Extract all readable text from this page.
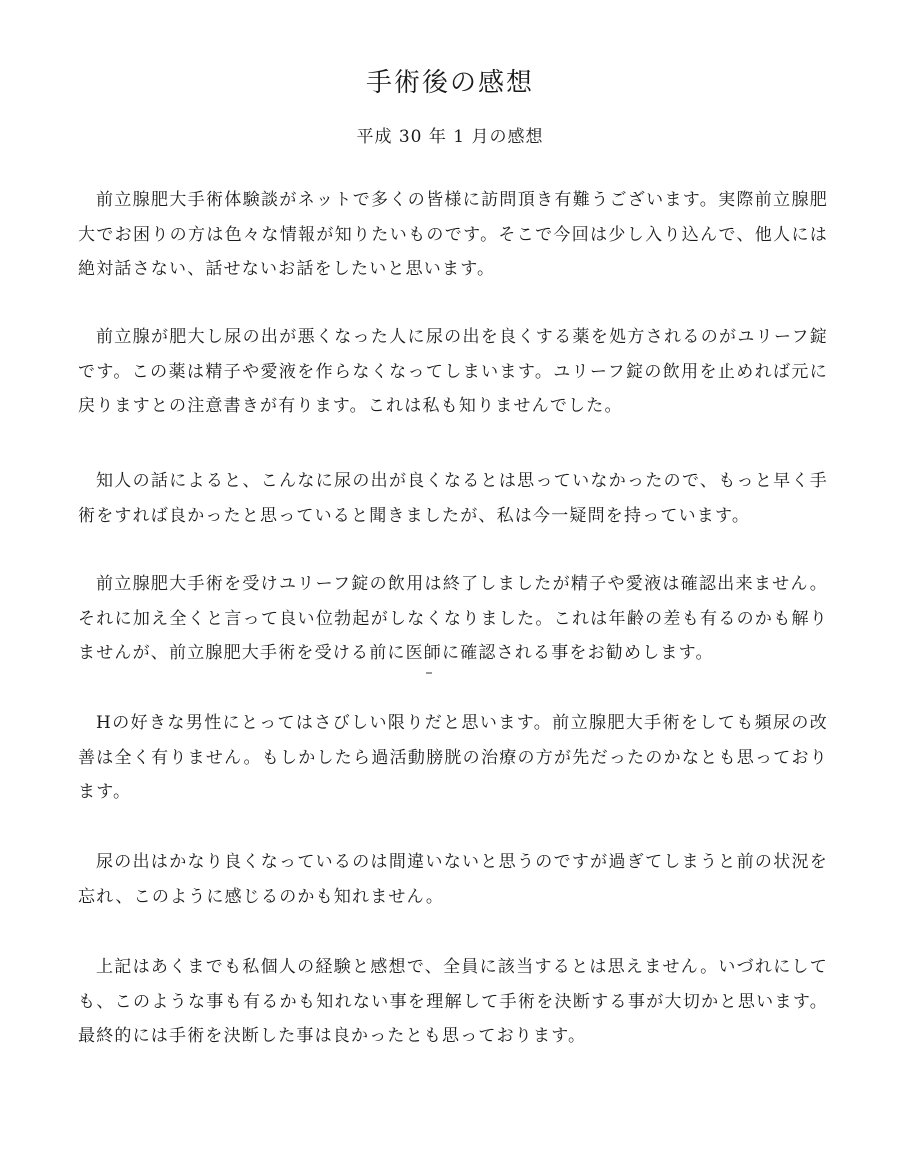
手術後の感想

平成 30 年 1 月の感想

前立腺肥大手術体験談がネットで多くの皆様に訪問頂き有難うございます。実際前立腺肥大でお困りの方は色々な情報が知りたいものです。そこで今回は少し入り込んで、他人には絶対話さない、話せないお話をしたいと思います。

前立腺が肥大し尿の出が悪くなった人に尿の出を良くする薬を処方されるのがユリーフ錠です。この薬は精子や愛液を作らなくなってしまいます。ユリーフ錠の飲用を止めれば元に戻りますとの注意書きが有ります。これは私も知りませんでした。

知人の話によると、こんなに尿の出が良くなるとは思っていなかったので、もっと早く手術をすれば良かったと思っていると聞きましたが、私は今一疑問を持っています。

前立腺肥大手術を受けユリーフ錠の飲用は終了しましたが精子や愛液は確認出来ません。それに加え全くと言って良い位勃起がしなくなりました。これは年齢の差も有るのかも解りませんが、前立腺肥大手術を受ける前に医師に確認される事をお勧めします。

Hの好きな男性にとってはさびしい限りだと思います。前立腺肥大手術をしても頻尿の改善は全く有りません。もしかしたら過活動膀胱の治療の方が先だったのかなとも思っております。

尿の出はかなり良くなっているのは間違いないと思うのですが過ぎてしまうと前の状況を忘れ、このように感じるのかも知れません。

上記はあくまでも私個人の経験と感想で、全員に該当するとは思えません。いづれにしても、このような事も有るかも知れない事を理解して手術を決断する事が大切かと思います。最終的には手術を決断した事は良かったとも思っております。
